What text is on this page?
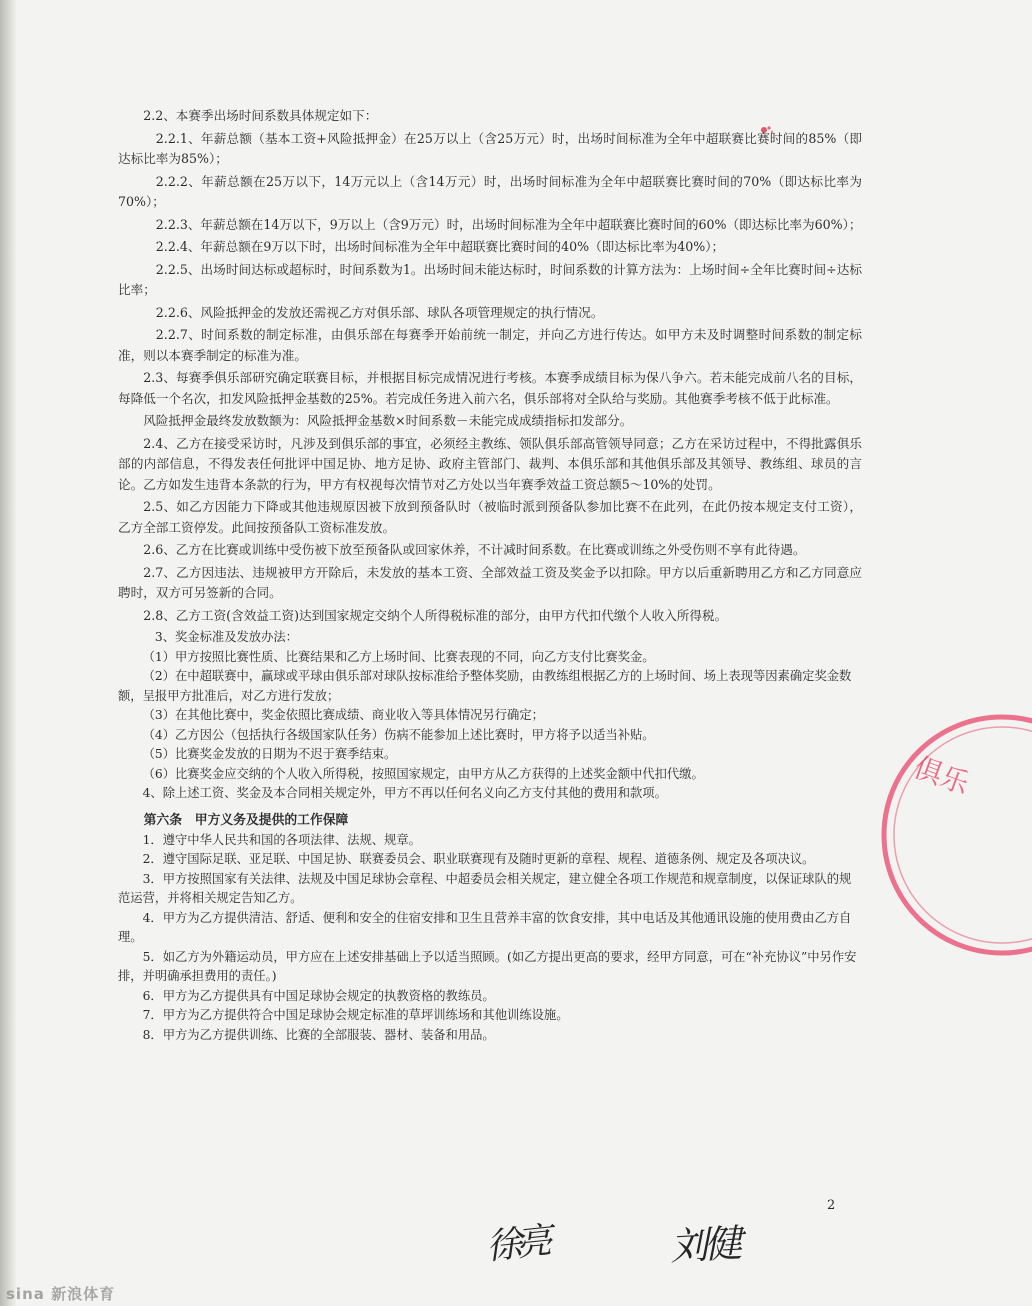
2.2、本赛季出场时间系数具体规定如下：

2.2.1、年薪总额（基本工资+风险抵押金）在25万以上（含25万元）时，出场时间标准为全年中超联赛比赛时间的85%（即达标比率为85%）；

2.2.2、年薪总额在25万以下，14万元以上（含14万元）时，出场时间标准为全年中超联赛比赛时间的70%（即达标比率为70%）；

2.2.3、年薪总额在14万以下，9万以上（含9万元）时，出场时间标准为全年中超联赛比赛时间的60%（即达标比率为60%）；

2.2.4、年薪总额在9万以下时，出场时间标准为全年中超联赛比赛时间的40%（即达标比率为40%）；

2.2.5、出场时间达标或超标时，时间系数为1。出场时间未能达标时，时间系数的计算方法为：上场时间÷全年比赛时间÷达标比率；

2.2.6、风险抵押金的发放还需视乙方对俱乐部、球队各项管理规定的执行情况。

2.2.7、时间系数的制定标准，由俱乐部在每赛季开始前统一制定，并向乙方进行传达。如甲方未及时调整时间系数的制定标准，则以本赛季制定的标准为准。

2.3、每赛季俱乐部研究确定联赛目标，并根据目标完成情况进行考核。本赛季成绩目标为保八争六。若未能完成前八名的目标，每降低一个名次，扣发风险抵押金基数的25%。若完成任务进入前六名，俱乐部将对全队给与奖励。其他赛季考核不低于此标准。

风险抵押金最终发放数额为：风险抵押金基数×时间系数－未能完成成绩指标扣发部分。

2.4、乙方在接受采访时，凡涉及到俱乐部的事宜，必须经主教练、领队俱乐部高管领导同意；乙方在采访过程中，不得批露俱乐部的内部信息，不得发表任何批评中国足协、地方足协、政府主管部门、裁判、本俱乐部和其他俱乐部及其领导、教练组、球员的言论。乙方如发生违背本条款的行为，甲方有权视每次情节对乙方处以当年赛季效益工资总额5～10%的处罚。

2.5、如乙方因能力下降或其他违规原因被下放到预备队时（被临时派到预备队参加比赛不在此列，在此仍按本规定支付工资），乙方全部工资停发。此间按预备队工资标准发放。

2.6、乙方在比赛或训练中受伤被下放至预备队或回家休养，不计减时间系数。在比赛或训练之外受伤则不享有此待遇。

2.7、乙方因违法、违规被甲方开除后，未发放的基本工资、全部效益工资及奖金予以扣除。甲方以后重新聘用乙方和乙方同意应聘时，双方可另签新的合同。

2.8、乙方工资(含效益工资)达到国家规定交纳个人所得税标准的部分，由甲方代扣代缴个人收入所得税。

3、奖金标准及发放办法：

（1）甲方按照比赛性质、比赛结果和乙方上场时间、比赛表现的不同，向乙方支付比赛奖金。

（2）在中超联赛中，赢球或平球由俱乐部对球队按标准给予整体奖励，由教练组根据乙方的上场时间、场上表现等因素确定奖金数额，呈报甲方批准后，对乙方进行发放；

（3）在其他比赛中，奖金依照比赛成绩、商业收入等具体情况另行确定；

（4）乙方因公（包括执行各级国家队任务）伤病不能参加上述比赛时，甲方将予以适当补贴。

（5）比赛奖金发放的日期为不迟于赛季结束。

（6）比赛奖金应交纳的个人收入所得税，按照国家规定，由甲方从乙方获得的上述奖金额中代扣代缴。

4、除上述工资、奖金及本合同相关规定外，甲方不再以任何名义向乙方支付其他的费用和款项。

第六条　甲方义务及提供的工作保障

1．遵守中华人民共和国的各项法律、法规、规章。

2．遵守国际足联、亚足联、中国足协、联赛委员会、职业联赛现有及随时更新的章程、规程、道德条例、规定及各项决议。

3．甲方按照国家有关法律、法规及中国足球协会章程、中超委员会相关规定，建立健全各项工作规范和规章制度，以保证球队的规范运营，并将相关规定告知乙方。

4．甲方为乙方提供清洁、舒适、便利和安全的住宿安排和卫生且营养丰富的饮食安排，其中电话及其他通讯设施的使用费由乙方自理。

5．如乙方为外籍运动员，甲方应在上述安排基础上予以适当照顾。(如乙方提出更高的要求，经甲方同意，可在“补充协议”中另作安排，并明确承担费用的责任。)

6．甲方为乙方提供具有中国足球协会规定的执教资格的教练员。

7．甲方为乙方提供符合中国足球协会规定标准的草坪训练场和其他训练设施。

8．甲方为乙方提供训练、比赛的全部服装、器材、装备和用品。

俱乐
2
徐亮	刘健
sina 新浪体育
